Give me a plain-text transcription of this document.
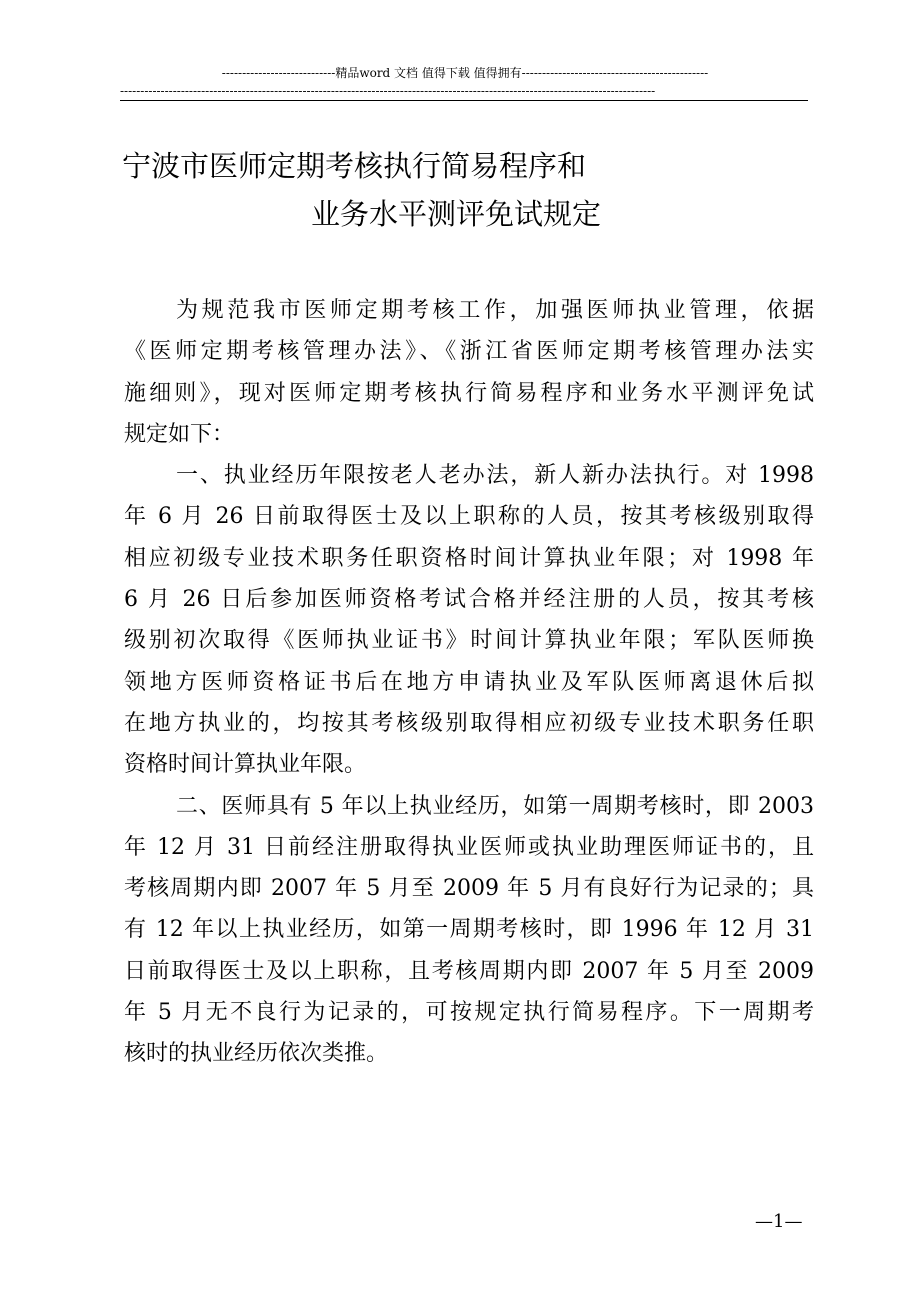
----------------------------精品word 文档 值得下载 值得拥有----------------------------------------------
------------------------------------------------------------------------------------------------------------------------------------
宁波市医师定期考核执行简易程序和
业务水平测评免试规定
为规范我市医师定期考核工作，加强医师执业管理，依据
《医师定期考核管理办法》、《浙江省医师定期考核管理办法实
施细则》，现对医师定期考核执行简易程序和业务水平测评免试
规定如下：
一、执业经历年限按老人老办法，新人新办法执行。对 1998
年 6 月 26 日前取得医士及以上职称的人员，按其考核级别取得
相应初级专业技术职务任职资格时间计算执业年限；对 1998 年
6 月 26 日后参加医师资格考试合格并经注册的人员，按其考核
级别初次取得《医师执业证书》时间计算执业年限；军队医师换
领地方医师资格证书后在地方申请执业及军队医师离退休后拟
在地方执业的，均按其考核级别取得相应初级专业技术职务任职
资格时间计算执业年限。
二、医师具有 5 年以上执业经历，如第一周期考核时，即 2003
年 12 月 31 日前经注册取得执业医师或执业助理医师证书的，且
考核周期内即 2007 年 5 月至 2009 年 5 月有良好行为记录的；具
有 12 年以上执业经历，如第一周期考核时，即 1996 年 12 月 31
日前取得医士及以上职称，且考核周期内即 2007 年 5 月至 2009
年 5 月无不良行为记录的，可按规定执行简易程序。下一周期考
核时的执业经历依次类推。
—1—
